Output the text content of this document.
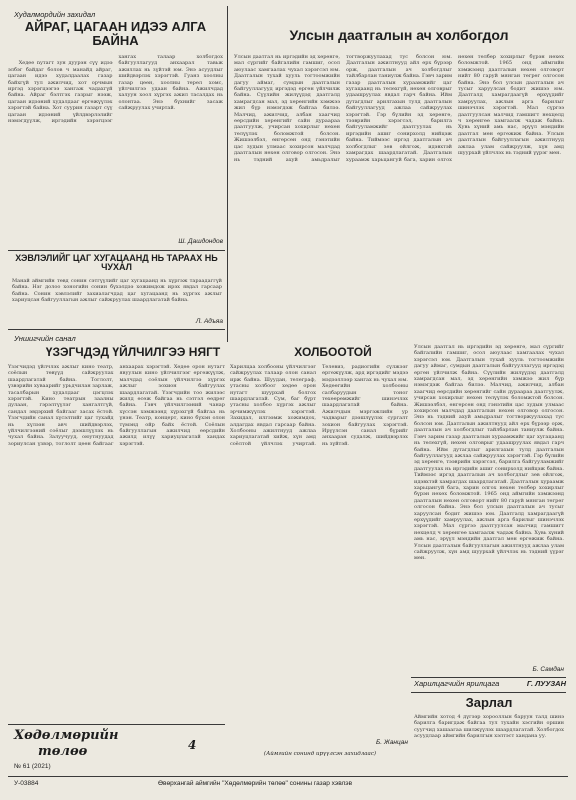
Худалмордийн захидал
АЙРАГ, ЦАГААН ИДЭЭ АЛГА БАЙНА

Хедее nyтагт зун дуурэн сүү идээ элбэг байдаг болов ч манайд айраг, цагаан идээ худалдаалах газар байхгүй тул ажилчид, хот орчмын иргэд хэрэгцээгээ хангаж чадахгүй байна. Айраг бэлтгэх газрыг нээж, цагаан идээний худалдааг өргөжүүлэх хэрэгтэй байна. Хот суурин газарт сүү цагаан идээний үйлдвэрлэлийг нэмэгдүүлж, иргэдийн хэрэгцээг хангах талаар холбогдох байгууллагууд анхаарал тавьж ажиллах нь зүйтэй юм. Энэ асуудлыг шийдвэрлэх хэрэгтэй. Гуанз хоолны газар цөөн, хоолны төрөл хомс, үйлчилгээ удаан байна. Ажилчдад халуун хоол хүргэх ажил тасалдах нь олонтаа. Энэ бүхнийг засаж сайжруулах учиртай.

Ш. Дашдондов
ХЭВЛЭЛИЙГ ЦАГ ХУГАЦААНД НЬ ТАРААХ НЬ ЧУХАЛ
Манай аймгийн төвд сонин сэтгүүлийг цаг хугацаанд нь хүргэж тараадаггүй байна. Нэг долоо хоногийн сонин бүхэлдээ хожимдож ирэх явдал гарсаар байна. Сонин хэвлэлийг захиалагчдад цаг хугацаанд нь хүргэх ажлыг хариуцсан байгууллагын ажлыг сайжруулах шаардлагатай байна.
Л. Адъяа
Уншигчийн санал
ҮЗЭГЧДЭД ҮЙЛЧИЛГЭЭ НЯГТ
Үзэгчидэд үйлчлэх ажлыг кино театр, соёлын төвүүд сайжруулах шаардлагатай байна. Тоглолт, үзвэрийн хуваарийг урьдчилан зарлаж, тасалбарын худалдааг цэгцлэх хэрэгтэй. Кино театрын заалны дулаан, гэрэлтүүлэг хангалтгүй, сандал эвдэрхий байгааг засах ёстой. Үзэгчдийн санал хүсэлтийг цаг тухайд нь хүлээн авч шийдвэрлэх, үйлчилгээний соёлыг дээшлүүлэх нь чухал байна. Залуучууд, оюутнуудад зориулсан үзвэр, тоглолт цөөн байгааг анхаарах хэрэгтэй. Хөдөө орон нутагт явуулын кино үйлчилгээг өргөжүүлж, малчдад соёлын үйлчилгээ хүргэх ажлыг зохион байгуулах шаардлагатай. Үзэгчдийн тоо жилээс жилд өсөж байгаа нь сэтгэл өөдрөг байна. Гэвч үйлчилгээний чанар хүссэн хэмжээнд хүрэхгүй байгаа нь үнэн. Театр, концерт, кино бүхэн олон түмэнд ойр байх ёстой. Соёлын байгууллагын ажилчид өөрсдийн ажилд илүү хариуцлагатай хандах хэрэгтэй.
ХОЛБООТОЙ
Харилцаа холбооны үйлчилгээг сайжруулах талаар олон санал ирж байна. Шуудан, телеграф, утасны холбоог хөдөө орон нутагт шуурхай болгох шаардлагатай. Сум, баг бүрт утасны холбоо хүргэх ажлыг эрчимжүүлэх хэрэгтэй. Захидал, илгээмж хожимдох, алдагдах явдал гарсаар байна. Холбооны ажилтнууд ажлаа хариуцлагатай хийж, хүн амд соёлтой үйлчлэх учиртай. Телевиз, радиогийн сүлжээг өргөжүүлж, ард иргэдийг мэдээ мэдээллээр хангах нь чухал юм. Хөдөөгийн холбооны салбаруудын тоног төхөөрөмжийг шинэчлэх шаардлагатай байна. Ажилчдын мэргэжлийн ур чадварыг дээшлүүлэх сургалт зохион байгуулах хэрэгтэй. Ирүүлсэн санал бүрийг анхааран судалж, шийдвэрлэх нь зүйтэй.
Б. Жанцан
(Аймгийн сонинд ирүүлсэн захидлаас)
Улсын даатгалын ач холбогдол
Улсын даатгал нь иргэдийн эд хөрөнгө, мал сүргийг байгалийн гамшиг, осол аюулаас хамгаалах чухал хэрэгсэл юм. Даатгалын тухай хууль тогтоомжийн дагуу аймаг, сумдын даатгалын байгууллагууд иргэдэд өргөн үйлчилж байна. Сүүлийн жилүүдэд даатгалд хамрагдсан мал, эд хөрөнгийн хэмжээ жил бүр нэмэгдэж байгаа билээ. Малчид, ажилчид, албан хаагчид өөрсдийн хөрөнгийг сайн дураараа даатгуулж, учирсан хохирлыг нөхөн төлүүлэх боломжтой болсон. Жишээлбэл, өнгөрсөн онд гэнэтийн цас зудын улмаас хохирсон малчдад даатгалын нөхөн олговор олгосон. Энэ нь тэдний ахуй амьдралыг тогтворжуулахад тус болсон юм. Даатгалын ажилтнууд айл өрх бүрээр орж, даатгалын ач холбогдлыг тайлбарлан таниулж байна. Гэвч зарим газар даатгалын хураамжийг цаг хугацаанд нь төлөхгүй, нөхөн олговрыг удаашруулах явдал гарч байна. Ийм дутагдлыг арилгахын тулд даатгалын байгууллагууд ажлаа сайжруулах хэрэгтэй. Гэр бүлийн эд хөрөнгө, тээврийн хэрэгсэл, барилга байгууламжийг даатгуулах нь иргэдийн ашиг сонирхолд нийцэж байна. Тиймээс иргэд даатгалын ач холбогдлыг зөв ойлгож, идэвхтэй хамрагдах шаардлагатай. Даатгалын хураамж харьцангуй бага, харин олгох нөхөн төлбөр хохирлыг бүрэн нөхөх боломжтой. 1965 онд аймгийн хэмжээнд даатгалын нөхөн олговорт нийт 80 гаруй мянган төгрөг олгосон байна. Энэ бол улсын даатгалын ач тусыг харуулсан бодит жишээ юм. Даатгалд хамрагдаагүй өрхүүдийг хамруулах, ажлын арга барилыг шинэчлэх хэрэгтэй. Мал сүргээ даатгуулсан малчид гамшигт нөхцөлд ч хөрөнгөө хамгаалж чадаж байна. Хувь хүний амь нас, эрүүл мэндийн даатгал мөн өргөжиж байна. Улсын даатгалын байгууллагын ажилтнууд ажлаа улам сайжруулж, хүн амд шуурхай үйлчлэх нь тэдний үүрэг мөн.
Улсын даатгал нь иргэдийн эд хөрөнгө, мал сүргийг байгалийн гамшиг, осол аюулаас хамгаалах чухал хэрэгсэл юм. Даатгалын тухай хууль тогтоомжийн дагуу аймаг, сумдын даатгалын байгууллагууд иргэдэд өргөн үйлчилж байна. Сүүлийн жилүүдэд даатгалд хамрагдсан мал, эд хөрөнгийн хэмжээ жил бүр нэмэгдэж байгаа билээ. Малчид, ажилчид, албан хаагчид өөрсдийн хөрөнгийг сайн дураараа даатгуулж, учирсан хохирлыг нөхөн төлүүлэх боломжтой болсон. Жишээлбэл, өнгөрсөн онд гэнэтийн цас зудын улмаас хохирсон малчдад даатгалын нөхөн олговор олгосон. Энэ нь тэдний ахуй амьдралыг тогтворжуулахад тус болсон юм. Даатгалын ажилтнууд айл өрх бүрээр орж, даатгалын ач холбогдлыг тайлбарлан таниулж байна. Гэвч зарим газар даатгалын хураамжийг цаг хугацаанд нь төлөхгүй, нөхөн олговрыг удаашруулах явдал гарч байна. Ийм дутагдлыг арилгахын тулд даатгалын байгууллагууд ажлаа сайжруулах хэрэгтэй. Гэр бүлийн эд хөрөнгө, тээврийн хэрэгсэл, барилга байгууламжийг даатгуулах нь иргэдийн ашиг сонирхолд нийцэж байна. Тиймээс иргэд даатгалын ач холбогдлыг зөв ойлгож, идэвхтэй хамрагдах шаардлагатай. Даатгалын хураамж харьцангуй бага, харин олгох нөхөн төлбөр хохирлыг бүрэн нөхөх боломжтой. 1965 онд аймгийн хэмжээнд даатгалын нөхөн олговорт нийт 80 гаруй мянган төгрөг олгосон байна. Энэ бол улсын даатгалын ач тусыг харуулсан бодит жишээ юм. Даатгалд хамрагдаагүй өрхүүдийг хамруулах, ажлын арга барилыг шинэчлэх хэрэгтэй. Мал сүргээ даатгуулсан малчид гамшигт нөхцөлд ч хөрөнгөө хамгаалж чадаж байна. Хувь хүний амь нас, эрүүл мэндийн даатгал мөн өргөжиж байна. Улсын даатгалын байгууллагын ажилтнууд ажлаа улам сайжруулж, хүн амд шуурхай үйлчлэх нь тэдний үүрэг мөн.
Б. Самдан
Харилцагчийн ярилцага	Г. ЛУУЗАН
Зарлал
Аймгийн хотод 4 дүгээр хорооллын баруун талд шинэ барилга баригдаж байгаа тул тухайн хэсгийн оршин суугчид хашаагаа шилжүүлэх шаардлагатай. Холбогдох асуудлаар аймгийн барилгын хэлтэст хандана уу.
Хөдөлмөрийн
төлөө	4
№ 61 (2021)
У-03884	Өвөрхангай аймгийн "Хөдөлмөрийн төлөө" сонины газар хэвлэв
